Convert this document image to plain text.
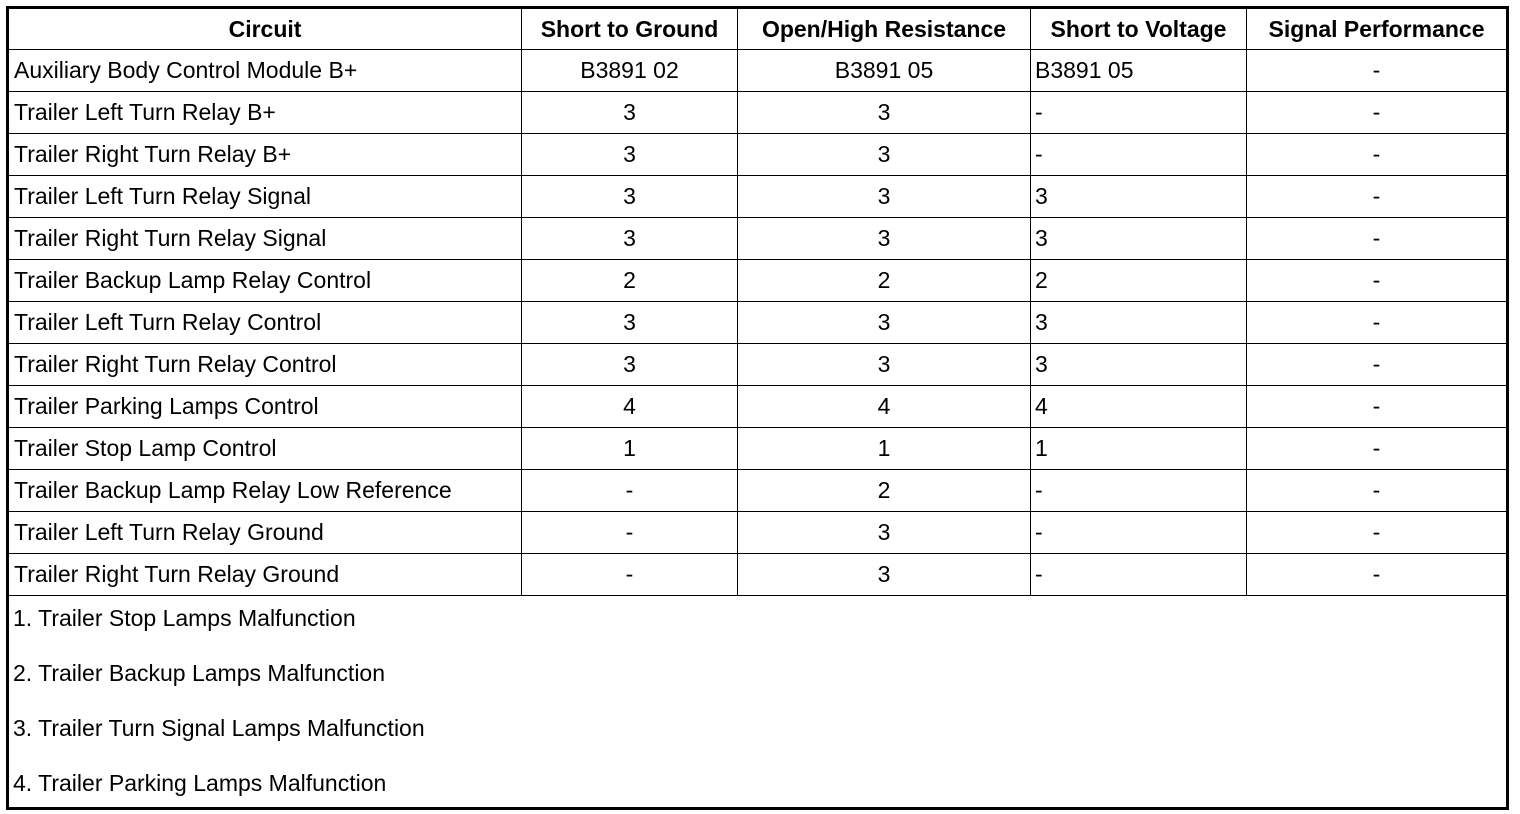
Circuit	Short to Ground	Open/High Resistance	Short to Voltage	Signal Performance
Auxiliary Body Control Module B+	B3891 02	B3891 05	B3891 05	-
Trailer Left Turn Relay B+	3	3	-	-
Trailer Right Turn Relay B+	3	3	-	-
Trailer Left Turn Relay Signal	3	3	3	-
Trailer Right Turn Relay Signal	3	3	3	-
Trailer Backup Lamp Relay Control	2	2	2	-
Trailer Left Turn Relay Control	3	3	3	-
Trailer Right Turn Relay Control	3	3	3	-
Trailer Parking Lamps Control	4	4	4	-
Trailer Stop Lamp Control	1	1	1	-
Trailer Backup Lamp Relay Low Reference	-	2	-	-
Trailer Left Turn Relay Ground	-	3	-	-
Trailer Right Turn Relay Ground	-	3	-	-

1. Trailer Stop Lamps Malfunction
2. Trailer Backup Lamps Malfunction
3. Trailer Turn Signal Lamps Malfunction
4. Trailer Parking Lamps Malfunction				
